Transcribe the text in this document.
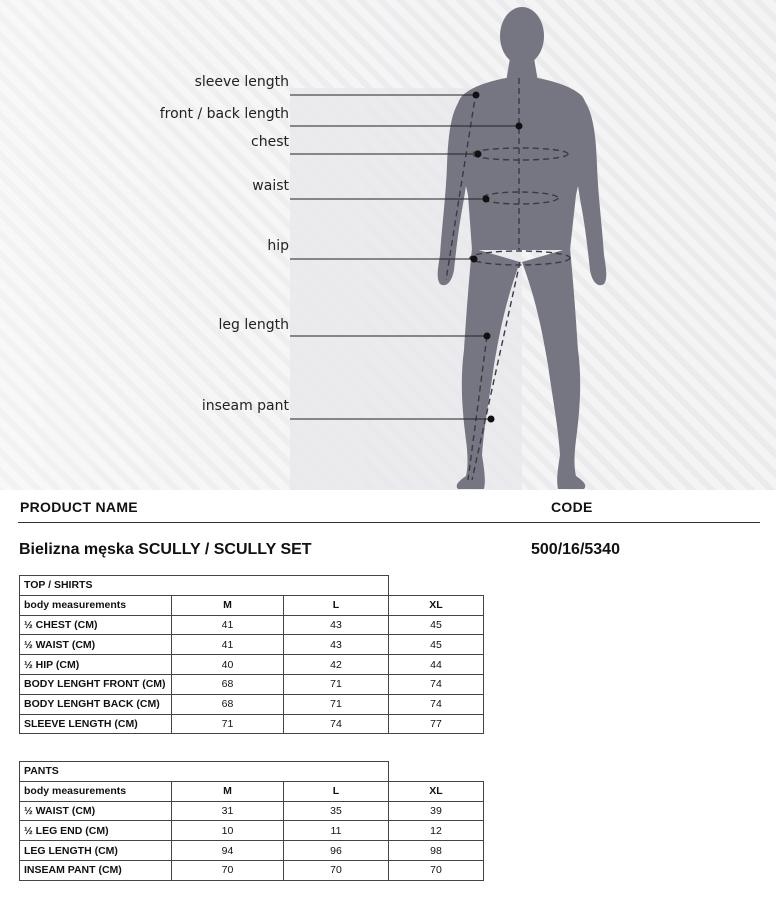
sleeve length
front / back length
chest
waist
hip
leg length
inseam pant
PRODUCT NAME	CODE
Bielizna męska SCULLY / SCULLY SET	500/16/5340
TOP / SHIRTS			
body measurements	M	L	XL
½ CHEST (CM)	41	43	45
½ WAIST (CM)	41	43	45
½ HIP (CM)	40	42	44
BODY LENGHT FRONT (CM)	68	71	74
BODY LENGHT BACK (CM)	68	71	74
SLEEVE LENGTH (CM)	71	74	77
PANTS			
body measurements	M	L	XL
½ WAIST (CM)	31	35	39
½ LEG END (CM)	10	11	12
LEG LENGTH (CM)	94	96	98
INSEAM PANT (CM)	70	70	70
